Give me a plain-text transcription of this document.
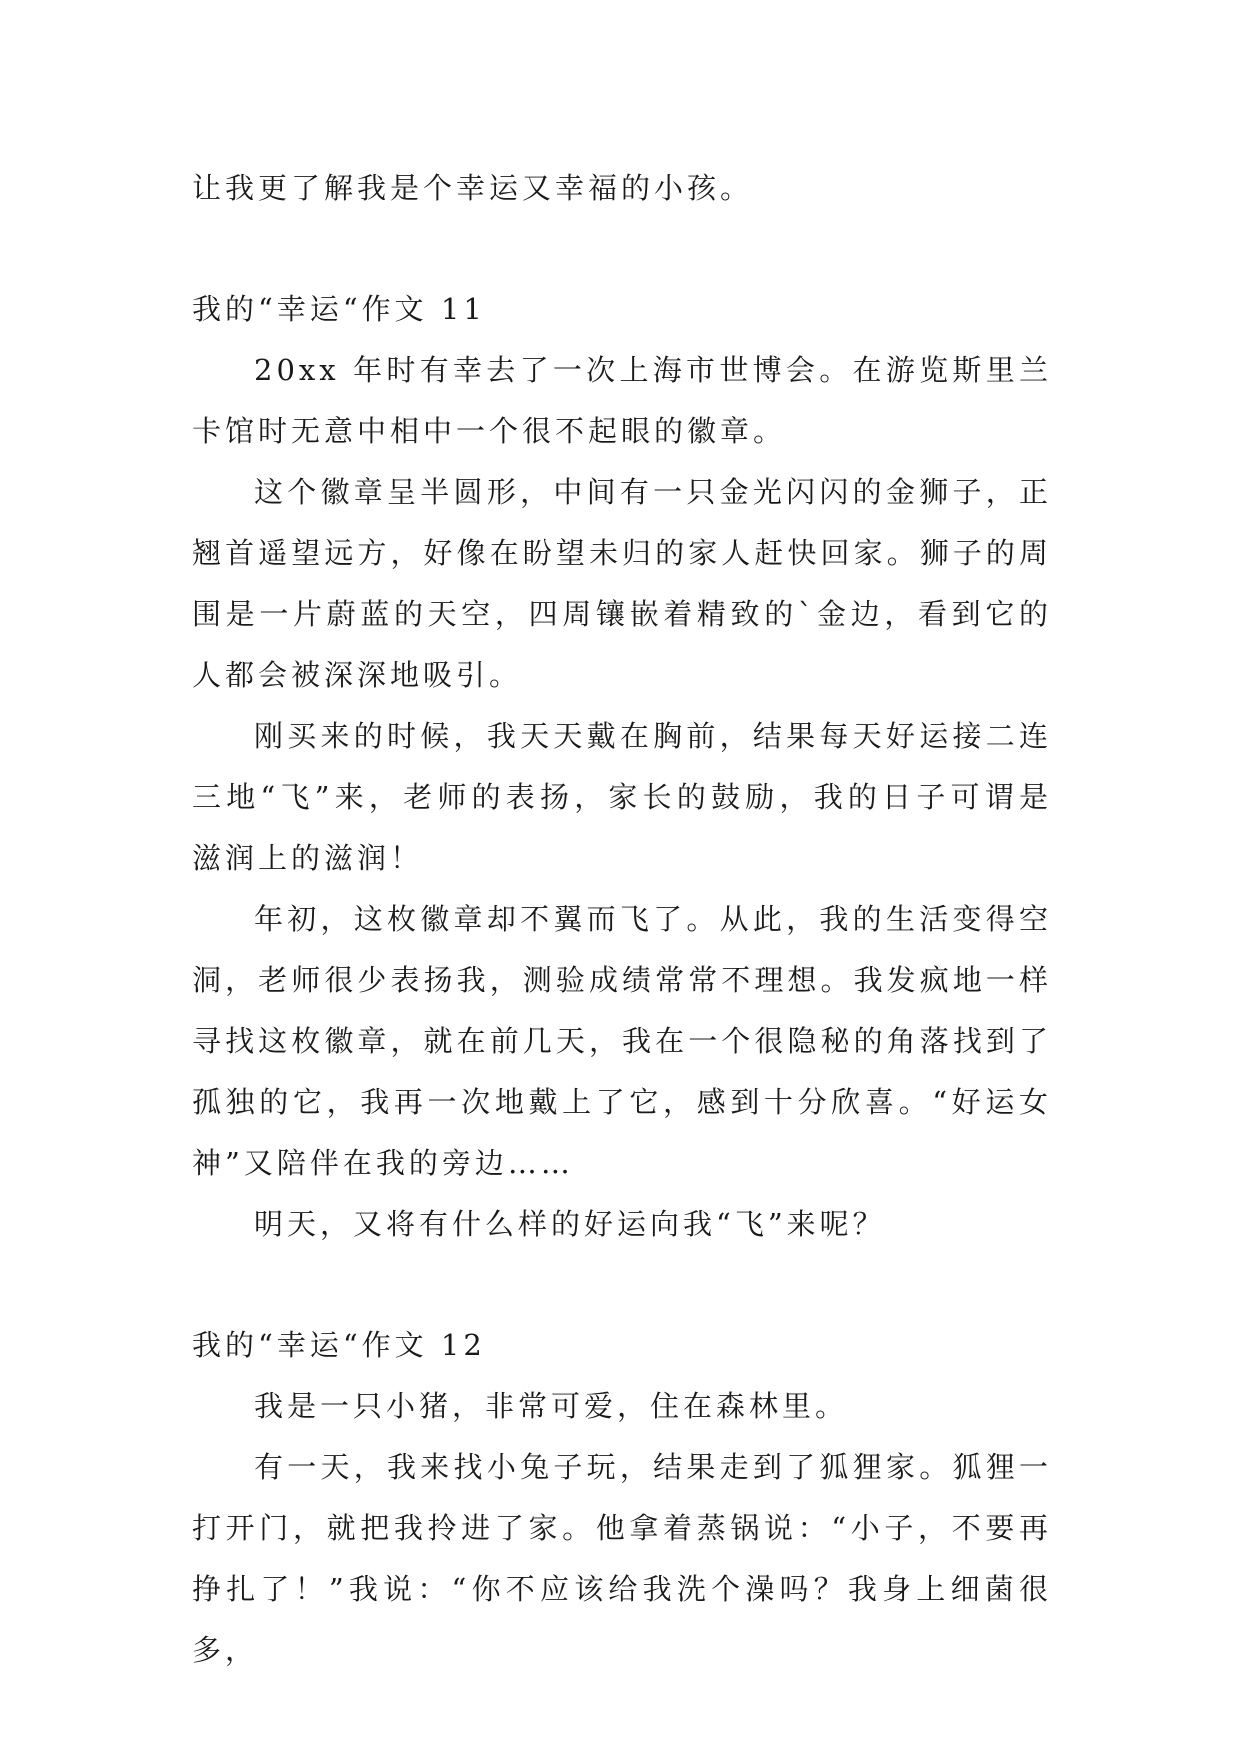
让我更了解我是个幸运又幸福的小孩。

我的“幸运“作文 11

20xx 年时有幸去了一次上海市世博会。在游览斯里兰卡馆时无意中相中一个很不起眼的徽章。

这个徽章呈半圆形，中间有一只金光闪闪的金狮子，正翘首遥望远方，好像在盼望未归的家人赶快回家。狮子的周围是一片蔚蓝的天空，四周镶嵌着精致的`金边，看到它的人都会被深深地吸引。

刚买来的时候，我天天戴在胸前，结果每天好运接二连三地“飞”来，老师的表扬，家长的鼓励，我的日子可谓是滋润上的滋润！

年初，这枚徽章却不翼而飞了。从此，我的生活变得空洞，老师很少表扬我，测验成绩常常不理想。我发疯地一样寻找这枚徽章，就在前几天，我在一个很隐秘的角落找到了孤独的它，我再一次地戴上了它，感到十分欣喜。“好运女神”又陪伴在我的旁边……

明天，又将有什么样的好运向我“飞”来呢？

我的“幸运“作文 12

我是一只小猪，非常可爱，住在森林里。

有一天，我来找小兔子玩，结果走到了狐狸家。狐狸一打开门，就把我拎进了家。他拿着蒸锅说：“小子，不要再挣扎了！”我说：“你不应该给我洗个澡吗？我身上细菌很多，
